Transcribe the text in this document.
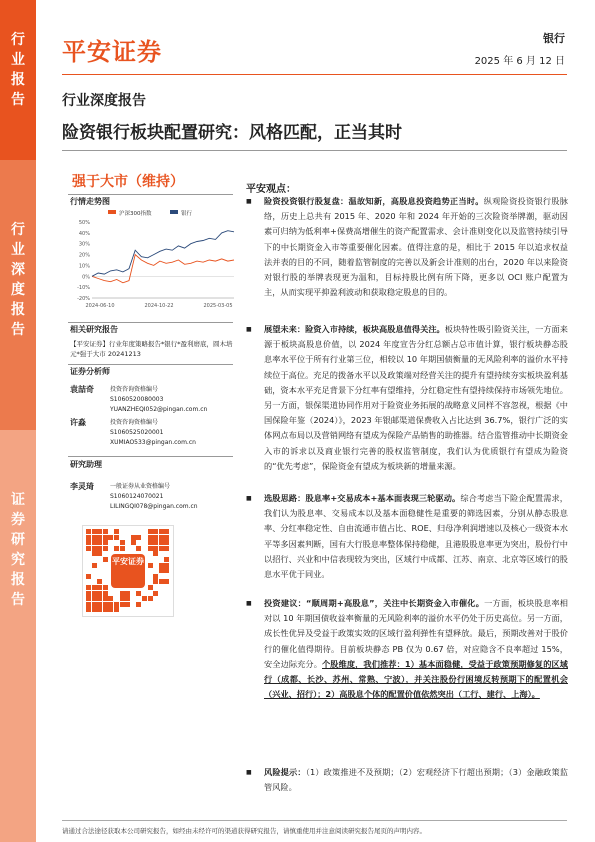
行
业
报
告
行
业
深
度
报
告
证
券
研
究
报
告
平安证券	银行
2025 年 6 月 12 日
行业深度报告
险资银行板块配置研究：风格匹配，正当其时
强于大市（维持）
行情走势图
沪深300指数	银行
50%
40%
30%
20%
10%
0%
-10%
-20%
2024-06-10	2024-10-22	2025-03-05
相关研究报告
【平安证券】行业年度策略报告*银行*盈利磨底，圆木培元*强于大市 20241213
证券分析师
袁喆奇	投资咨询资格编号
S1060520080003
YUANZHEQI052@pingan.com.cn
许淼	投资咨询资格编号
S1060525020001
XUMIAO533@pingan.com.cn
研究助理
李灵琦	一般证券从业资格编号
S1060124070021
LILINGQI078@pingan.com.cn
平安证券
平安观点：
■	险资投资银行股复盘：温故知新，高股息投资趋势正当时。纵观险资投资银行股脉络，历史上总共有 2015 年、2020 年和 2024 年开始的三次险资举牌潮，驱动因素可归纳为低利率+保费高增催生的资产配置需求、会计准则变化以及监管持续引导下的中长期资金入市等重要催化因素。值得注意的是，相比于 2015 年以追求权益法并表的目的不同，随着监管制度的完善以及新会计准则的出台，2020 年以来险资对银行股的举牌表现更为温和，目标持股比例有所下降，更多以 OCI 账户配置为主，从而实现平抑盈利波动和获取稳定股息的目的。
■	展望未来：险资入市持续，板块高股息值得关注。板块特性吸引险资关注，一方面来源于板块高股息价值，以 2024 年度宣告分红总额占总市值计算，银行板块静态股息率水平位于所有行业第三位，相较以 10 年期国债衡量的无风险利率的溢价水平持续位于高位。充足的拨备水平以及政策端对经营关注的提升有望持续夯实板块盈利基础，资本水平充足背景下分红率有望维持，分红稳定性有望持续保持市场领先地位。另一方面，银保渠道协同作用对于险资业务拓展的战略意义同样不容忽视，根据《中国保险年鉴（2024）》，2023 年银邮渠道保费收入占比达到 36.7%，银行广泛的实体网点布局以及营销网络有望成为保险产品销售的助推器。结合监管推动中长期资金入市的诉求以及商业银行完善的股权监管制度，我们认为优质银行有望成为险资的“优先考虑”，保险资金有望成为板块新的增量来源。
■	选股思路：股息率+交易成本+基本面表现三轮驱动。综合考虑当下险企配置需求，我们认为股息率、交易成本以及基本面稳健性是重要的筛选因素，分别从静态股息率、分红率稳定性、自由流通市值占比、ROE、归母净利润增速以及核心一级资本水平等多因素判断，国有大行股息率整体保持稳健，且港股股息率更为突出，股份行中以招行、兴业和中信表现较为突出，区域行中成都、江苏、南京、北京等区域行的股息水平优于同业。
■	投资建议：“顺周期+高股息”，关注中长期资金入市催化。一方面，板块股息率相对以 10 年期国债收益率衡量的无风险利率的溢价水平仍处于历史高位。另一方面，成长性优异及受益于政策实效的区域行盈利弹性有望释放。最后，预期改善对于股价行的催化值得期待。目前板块静态 PB 仅为 0.67 倍，对应隐含不良率超过 15%，安全边际充分。个股维度，我们推荐：1）基本面稳健，受益于政策预期修复的区域行（成都、长沙、苏州、常熟、宁波），并关注股份行困境反转预期下的配置机会（兴业、招行）；2）高股息个体的配置价值依然突出（工行、建行、上海）。
■	风险提示：（1）政策推进不及预期；（2）宏观经济下行超出预期；（3）金融政策监管风险。
请通过合法途径获取本公司研究报告，如经由未经许可的渠道获得研究报告，请慎重使用并注意阅读研究报告尾页的声明内容。
